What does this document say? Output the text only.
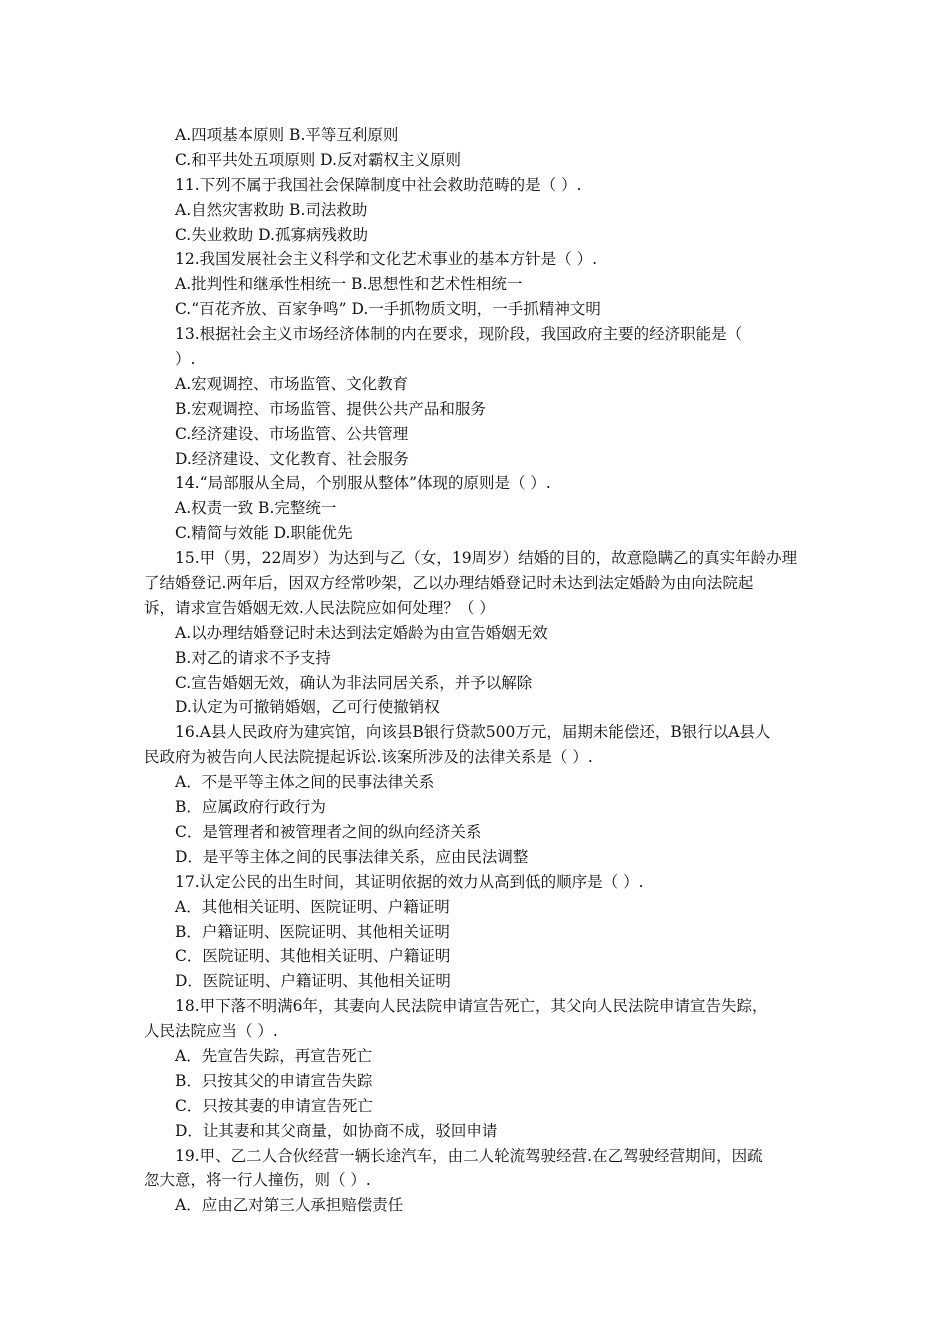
A.四项基本原则 B.平等互利原则
C.和平共处五项原则 D.反对霸权主义原则
11.下列不属于我国社会保障制度中社会救助范畴的是（ ）.
A.自然灾害救助 B.司法救助
C.失业救助 D.孤寡病残救助
12.我国发展社会主义科学和文化艺术事业的基本方针是（ ）.
A.批判性和继承性相统一 B.思想性和艺术性相统一
C.“百花齐放、百家争鸣” D.一手抓物质文明，一手抓精神文明
13.根据社会主义市场经济体制的内在要求，现阶段，我国政府主要的经济职能是（
）.
A.宏观调控、市场监管、文化教育
B.宏观调控、市场监管、提供公共产品和服务
C.经济建设、市场监管、公共管理
D.经济建设、文化教育、社会服务
14.“局部服从全局，个别服从整体”体现的原则是（ ）.
A.权责一致 B.完整统一
C.精简与效能 D.职能优先
15.甲（男，22周岁）为达到与乙（女，19周岁）结婚的目的，故意隐瞒乙的真实年龄办理
了结婚登记.两年后，因双方经常吵架，乙以办理结婚登记时未达到法定婚龄为由向法院起
诉，请求宣告婚姻无效.人民法院应如何处理？（ ）
A.以办理结婚登记时未达到法定婚龄为由宣告婚姻无效
B.对乙的请求不予支持
C.宣告婚姻无效，确认为非法同居关系，并予以解除
D.认定为可撤销婚姻，乙可行使撤销权
16.A县人民政府为建宾馆，向该县B银行贷款500万元，届期未能偿还，B银行以A县人
民政府为被告向人民法院提起诉讼.该案所涉及的法律关系是（ ）.
A．不是平等主体之间的民事法律关系
B．应属政府行政行为
C．是管理者和被管理者之间的纵向经济关系
D．是平等主体之间的民事法律关系，应由民法调整
17.认定公民的出生时间，其证明依据的效力从高到低的顺序是（ ）.
A．其他相关证明、医院证明、户籍证明
B．户籍证明、医院证明、其他相关证明
C．医院证明、其他相关证明、户籍证明
D．医院证明、户籍证明、其他相关证明
18.甲下落不明满6年，其妻向人民法院申请宣告死亡，其父向人民法院申请宣告失踪，
人民法院应当（ ）.
A．先宣告失踪，再宣告死亡
B．只按其父的申请宣告失踪
C．只按其妻的申请宣告死亡
D．让其妻和其父商量，如协商不成，驳回申请
19.甲、乙二人合伙经营一辆长途汽车，由二人轮流驾驶经营.在乙驾驶经营期间，因疏
忽大意，将一行人撞伤，则（ ）.
A．应由乙对第三人承担赔偿责任
